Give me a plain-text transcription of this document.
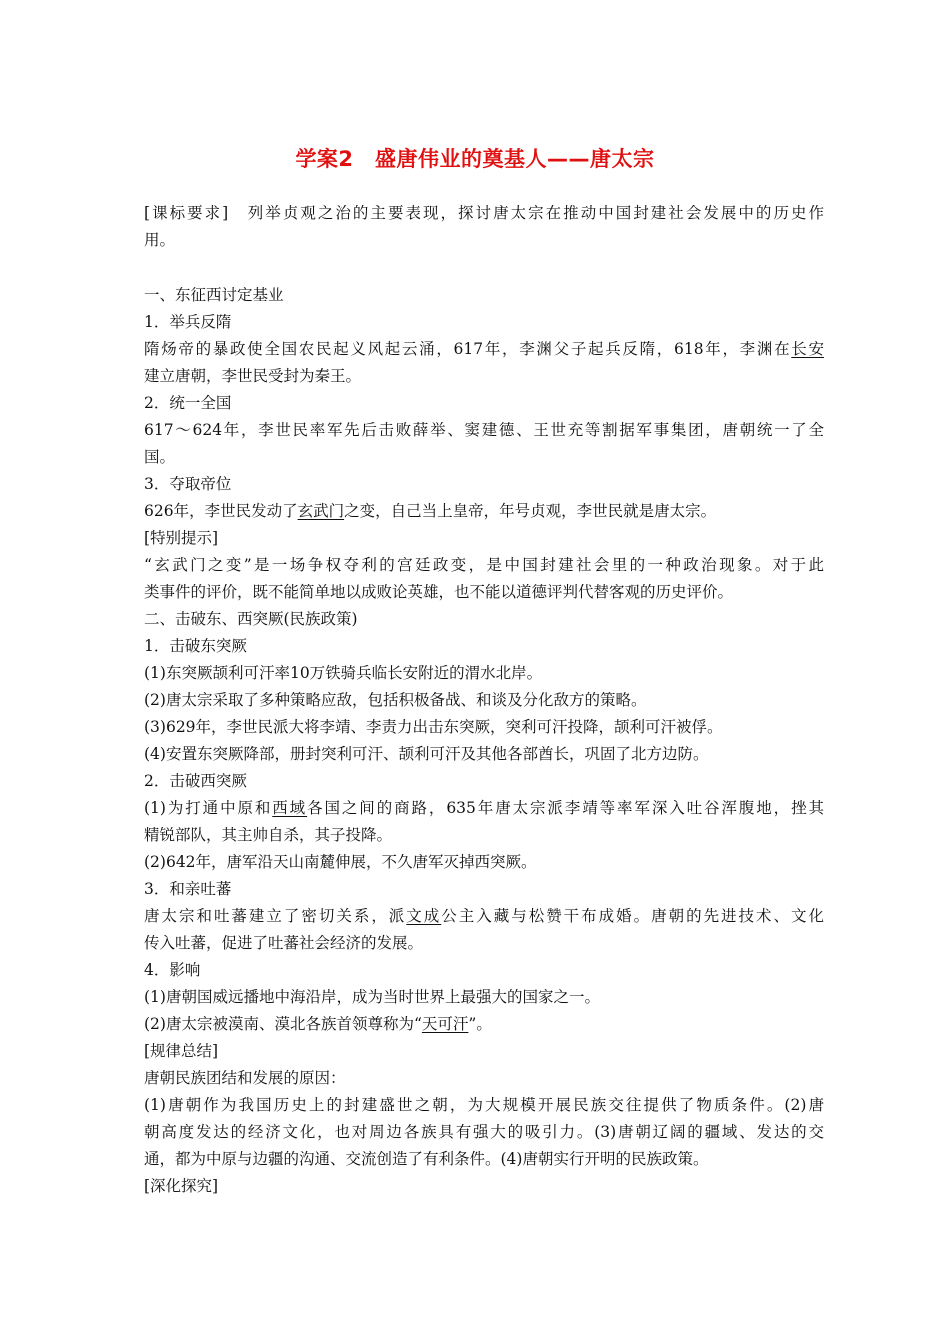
学案2　盛唐伟业的奠基人——唐太宗
[课标要求]　列举贞观之治的主要表现，探讨唐太宗在推动中国封建社会发展中的历史作
用。
一、东征西讨定基业
1．举兵反隋
隋炀帝的暴政使全国农民起义风起云涌，617年，李渊父子起兵反隋，618年，李渊在长安
建立唐朝，李世民受封为秦王。
2．统一全国
617～624年，李世民率军先后击败薛举、窦建德、王世充等割据军事集团，唐朝统一了全
国。
3．夺取帝位
626年，李世民发动了玄武门之变，自己当上皇帝，年号贞观，李世民就是唐太宗。
[特别提示]
“玄武门之变”是一场争权夺利的宫廷政变，是中国封建社会里的一种政治现象。对于此
类事件的评价，既不能简单地以成败论英雄，也不能以道德评判代替客观的历史评价。
二、击破东、西突厥(民族政策)
1．击破东突厥
(1)东突厥颉利可汗率10万铁骑兵临长安附近的渭水北岸。
(2)唐太宗采取了多种策略应敌，包括积极备战、和谈及分化敌方的策略。
(3)629年，李世民派大将李靖、李责力出击东突厥，突利可汗投降，颉利可汗被俘。
(4)安置东突厥降部，册封突利可汗、颉利可汗及其他各部酋长，巩固了北方边防。
2．击破西突厥
(1)为打通中原和西域各国之间的商路，635年唐太宗派李靖等率军深入吐谷浑腹地，挫其
精锐部队，其主帅自杀，其子投降。
(2)642年，唐军沿天山南麓伸展，不久唐军灭掉西突厥。
3．和亲吐蕃
唐太宗和吐蕃建立了密切关系，派文成公主入藏与松赞干布成婚。唐朝的先进技术、文化
传入吐蕃，促进了吐蕃社会经济的发展。
4．影响
(1)唐朝国威远播地中海沿岸，成为当时世界上最强大的国家之一。
(2)唐太宗被漠南、漠北各族首领尊称为“天可汗”。
[规律总结]
唐朝民族团结和发展的原因：
(1)唐朝作为我国历史上的封建盛世之朝，为大规模开展民族交往提供了物质条件。(2)唐
朝高度发达的经济文化，也对周边各族具有强大的吸引力。(3)唐朝辽阔的疆域、发达的交
通，都为中原与边疆的沟通、交流创造了有利条件。(4)唐朝实行开明的民族政策。
[深化探究]
